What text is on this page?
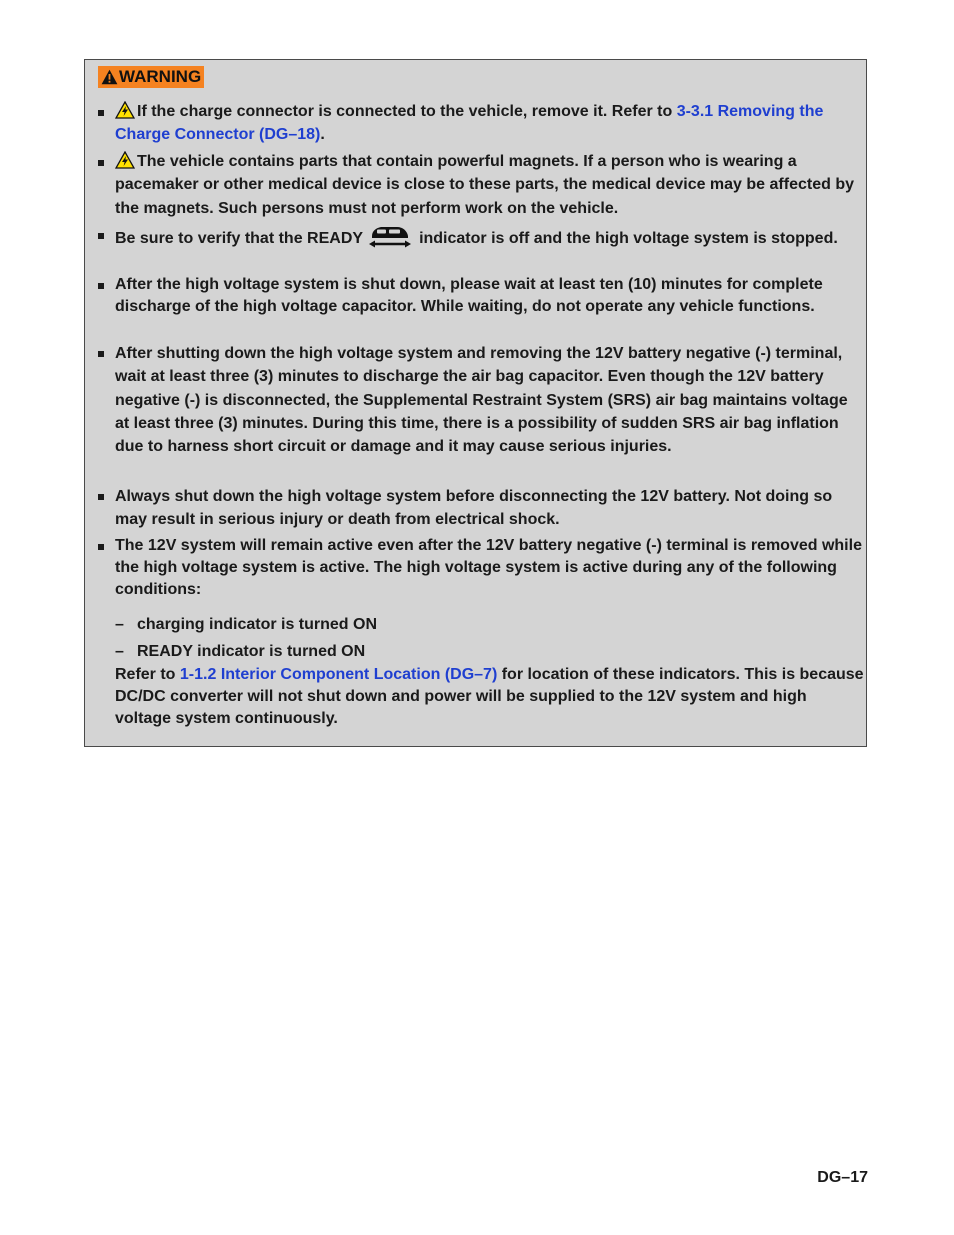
WARNING
If the charge connector is connected to the vehicle, remove it. Refer to 3-3.1 Removing the Charge Connector (DG–18).
The vehicle contains parts that contain powerful magnets. If a person who is wearing a pacemaker or other medical device is close to these parts, the medical device may be affected by the magnets. Such persons must not perform work on the vehicle.
Be sure to verify that the READY	indicator is off and the high voltage system is stopped.
After the high voltage system is shut down, please wait at least ten (10) minutes for complete discharge of the high voltage capacitor. While waiting, do not operate any vehicle functions.
After shutting down the high voltage system and removing the 12V battery negative (-) terminal, wait at least three (3) minutes to discharge the air bag capacitor. Even though the 12V battery negative (-) is disconnected, the Supplemental Restraint System (SRS) air bag maintains voltage at least three (3) minutes. During this time, there is a possibility of sudden SRS air bag inflation due to harness short circuit or damage and it may cause serious injuries.
Always shut down the high voltage system before disconnecting the 12V battery. Not doing so may result in serious injury or death from electrical shock.
The 12V system will remain active even after the 12V battery negative (-) terminal is removed while the high voltage system is active. The high voltage system is active during any of the following conditions:
– charging indicator is turned ON
– READY indicator is turned ON
Refer to 1-1.2 Interior Component Location (DG–7) for location of these indicators. This is because DC/DC converter will not shut down and power will be supplied to the 12V system and high voltage system continuously.
DG–17
